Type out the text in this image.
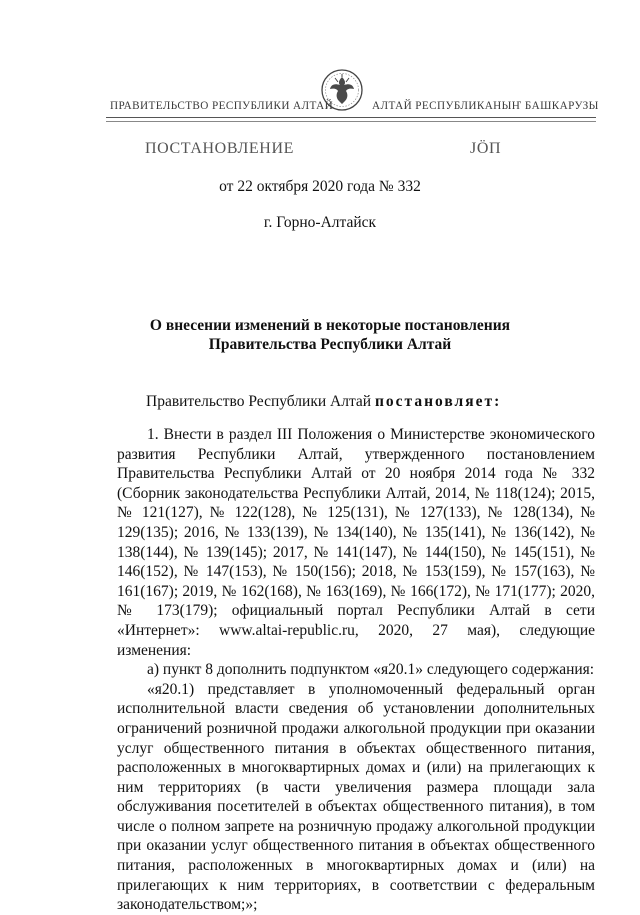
ПРАВИТЕЛЬСТВО РЕСПУБЛИКИ АЛТАЙ	АЛТАЙ РЕСПУБЛИКАНЫҤ БАШКАРУЗЫ
ПОСТАНОВЛЕНИЕ	ЈӦП
от 22 октября 2020 года № 332
г. Горно-Алтайск
О внесении изменений в некоторые постановления
Правительства Республики Алтай
Правительство Республики Алтай постановляет:

1. Внести в раздел III Положения о Министерстве экономического развития Республики Алтай, утвержденного постановлением Правительства Республики Алтай от 20 ноября 2014 года № 332 (Сборник законодательства Республики Алтай, 2014, № 118(124); 2015, № 121(127), № 122(128), № 125(131), № 127(133), № 128(134), № 129(135); 2016, № 133(139), № 134(140), № 135(141), № 136(142), № 138(144), № 139(145); 2017, № 141(147), № 144(150), № 145(151), № 146(152), № 147(153), № 150(156); 2018, № 153(159), № 157(163), № 161(167); 2019, № 162(168), № 163(169), № 166(172), № 171(177); 2020, № 173(179); официальный портал Республики Алтай в сети «Интернет»: www.altai-republic.ru, 2020, 27 мая), следующие изменения:

а) пункт 8 дополнить подпунктом «я20.1» следующего содержания:

«я20.1) представляет в уполномоченный федеральный орган исполнительной власти сведения об установлении дополнительных ограничений розничной продажи алкогольной продукции при оказании услуг общественного питания в объектах общественного питания, расположенных в многоквартирных домах и (или) на прилегающих к ним территориях (в части увеличения размера площади зала обслуживания посетителей в объектах общественного питания), в том числе о полном запрете на розничную продажу алкогольной продукции при оказании услуг общественного питания в объектах общественного питания, расположенных в многоквартирных домах и (или) на прилегающих к ним территориях, в соответствии с федеральным законодательством;»;
